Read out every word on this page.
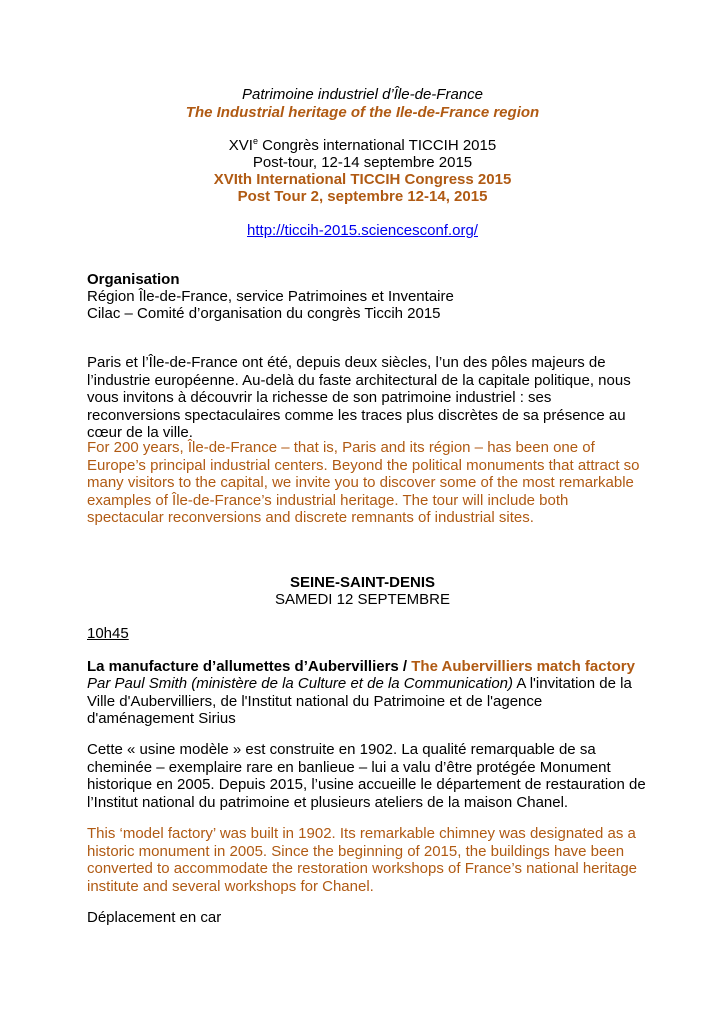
Patrimoine industriel d’Île-de-France

The Industrial heritage of the Ile-de-France region

XVIe Congrès international TICCIH 2015

Post-tour, 12-14 septembre 2015

XVIth International TICCIH Congress 2015

Post Tour 2, septembre 12-14, 2015

http://ticcih-2015.sciencesconf.org/

Organisation

Région Île-de-France, service Patrimoines et Inventaire

Cilac – Comité d’organisation du congrès Ticcih 2015

Paris et l’Île-de-France ont été, depuis deux siècles, l’un des pôles majeurs de l’industrie européenne. Au-delà du faste architectural de la capitale politique, nous vous invitons à découvrir la richesse de son patrimoine industriel : ses reconversions spectaculaires comme les traces plus discrètes de sa présence au cœur de la ville.

For 200 years, Île-de-France – that is, Paris and its région – has been one of Europe’s principal industrial centers. Beyond the political monuments that attract so many visitors to the capital, we invite you to discover some of the most remarkable examples of Île-de-France’s industrial heritage. The tour will include both spectacular reconversions and discrete remnants of industrial sites.

SEINE-SAINT-DENIS

SAMEDI 12 SEPTEMBRE

10h45

La manufacture d’allumettes d’Aubervilliers / The Aubervilliers match factory

Par Paul Smith (ministère de la Culture et de la Communication) A l'invitation de la Ville d'Aubervilliers, de l'Institut national du Patrimoine et de l'agence d'aménagement Sirius

Cette « usine modèle » est construite en 1902. La qualité remarquable de sa cheminée – exemplaire rare en banlieue – lui a valu d’être protégée Monument historique en 2005. Depuis 2015, l’usine accueille le département de restauration de l’Institut national du patrimoine et plusieurs ateliers de la maison Chanel.

This ‘model factory’ was built in 1902. Its remarkable chimney was designated as a historic monument in 2005. Since the beginning of 2015, the buildings have been converted to accommodate the restoration workshops of France’s national heritage institute and several workshops for Chanel.

Déplacement en car
